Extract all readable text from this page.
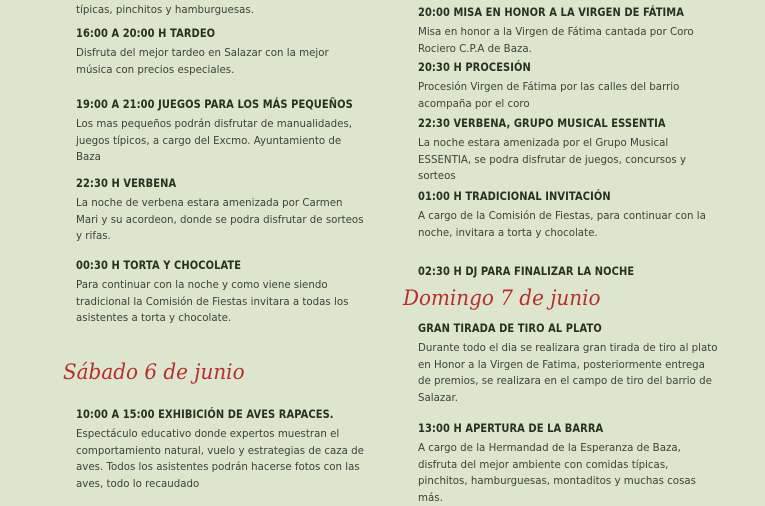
típicas, pinchitos y hamburguesas.
16:00 A 20:00 H TARDEO
Disfruta del mejor tardeo en Salazar con la mejor música con precios especiales.
19:00 A 21:00 JUEGOS PARA LOS MÁS PEQUEÑOS
Los mas pequeños podrán disfrutar de manualidades, juegos típicos, a cargo del Excmo. Ayuntamiento de Baza
22:30 H VERBENA
La noche de verbena estara amenizada por Carmen Mari y su acordeon, donde se podra disfrutar de sorteos y rifas.
00:30 H TORTA Y CHOCOLATE
Para continuar con la noche y como viene siendo tradicional la Comisión de Fiestas invitara a todas los asistentes a torta y chocolate.
Sábado 6 de junio
10:00 A 15:00 EXHIBICIÓN DE AVES RAPACES.
Espectáculo educativo donde expertos muestran el comportamiento natural, vuelo y estrategias de caza de aves. Todos los asistentes podrán hacerse fotos con las aves, todo lo recaudado
20:00 MISA EN HONOR A LA VIRGEN DE FÁTIMA
Misa en honor a la Virgen de Fátima cantada por Coro Rociero C.P.A de Baza.
20:30 H PROCESIÓN
Procesión Virgen de Fátima por las calles del barrio acompaña por el coro
22:30 VERBENA, GRUPO MUSICAL ESSENTIA
La noche estara amenizada por el Grupo Musical ESSENTIA, se podra disfrutar de juegos, concursos y sorteos
01:00 H TRADICIONAL INVITACIÓN
A cargo de la Comisión de Fiestas, para continuar con la noche, invitara a torta y chocolate.
02:30 H DJ PARA FINALIZAR LA NOCHE
Domingo 7 de junio
GRAN TIRADA DE TIRO AL PLATO
Durante todo el dia se realizara gran tirada de tiro al plato en Honor a la Virgen de Fatima, posteriormente entrega de premios, se realizara en el campo de tiro del barrio de Salazar.
13:00 H APERTURA DE LA BARRA
A cargo de la Hermandad de la Esperanza de Baza, disfruta del mejor ambiente con comidas típicas, pinchitos, hamburguesas, montaditos y muchas cosas más.
